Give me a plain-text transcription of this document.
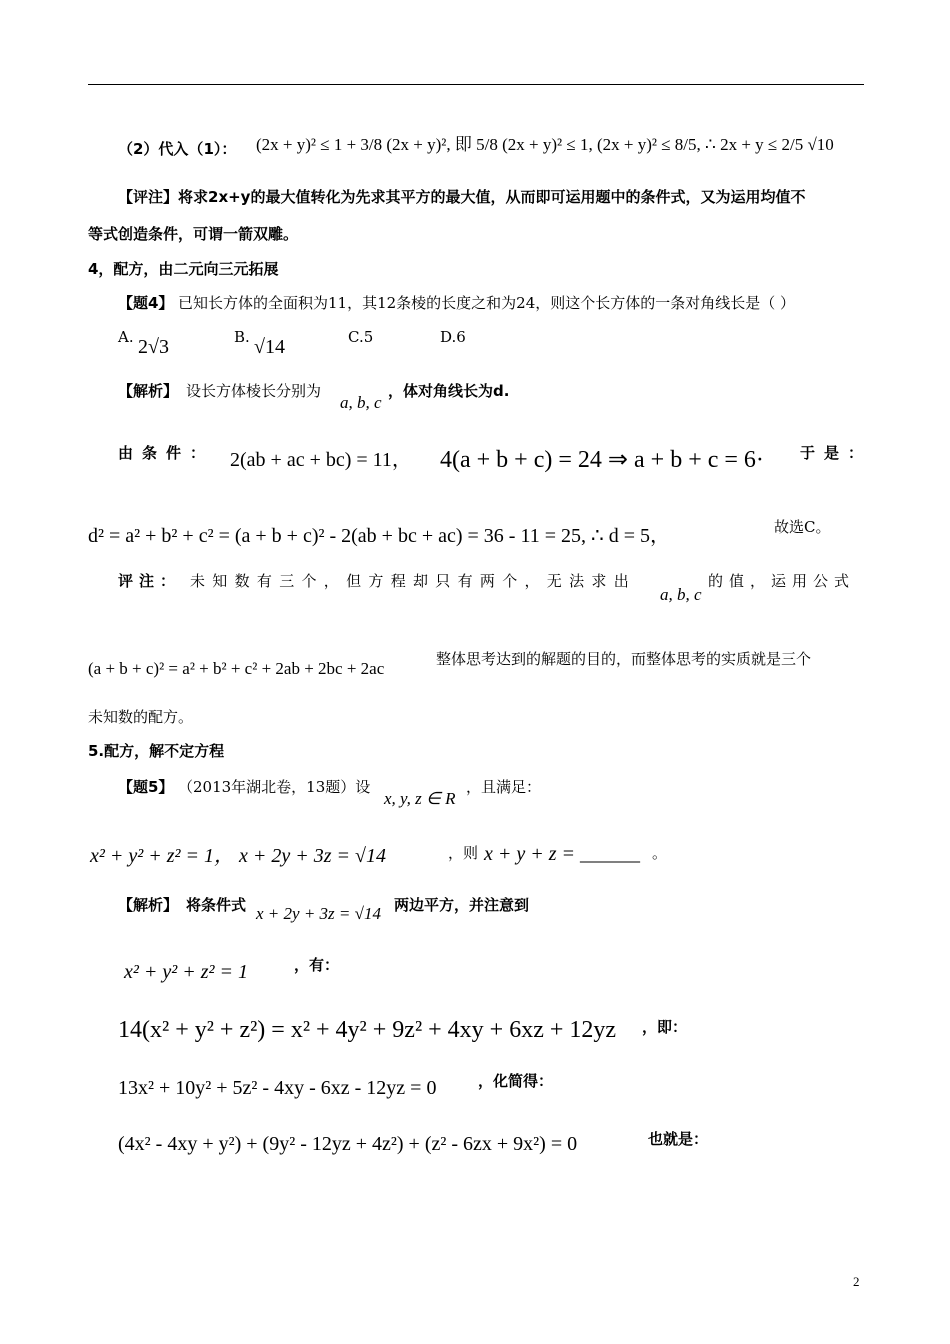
（2）代入（1）： (2x + y)² ≤ 1 + 3/8 (2x + y)², 即 5/8 (2x + y)² ≤ 1, (2x + y)² ≤ 8/5, ∴ 2x + y ≤ 2/5 √10
【评注】将求2x+y的最大值转化为先求其平方的最大值，从而即可运用题中的条件式，又为运用均值不
等式创造条件，可谓一箭双雕。
4，配方，由二元向三元拓展
【题4】 已知长方体的全面积为11，其12条棱的长度之和为24，则这个长方体的一条对角线长是（ ）
A. 2√3	B. √14	C.5	D.6
【解析】 设长方体棱长分别为
a, b, c
，体对角线长为d.
由条件： 2(ab + ac + bc) = 11， 4(a + b + c) = 24 ⇒ a + b + c = 6· 于是：
d² = a² + b² + c² = (a + b + c)² - 2(ab + bc + ac) = 36 - 11 = 25, ∴ d = 5，	故选C。
评注： 未知数有三个，但方程却只有两个，无法求出
a, b, c
的值，运用公式
(a + b + c)² = a² + b² + c² + 2ab + 2bc + 2ac	整体思考达到的解题的目的，而整体思考的实质就是三个
未知数的配方。
5.配方，解不定方程
【题5】 （2013年湖北卷，13题）设
x, y, z ∈ R
，且满足：
x² + y² + z² = 1， x + 2y + 3z = √14	，则 x + y + z = ______ 。
【解析】 将条件式 x + 2y + 3z = √14 两边平方，并注意到
x² + y² + z² = 1	，有：
14(x² + y² + z²) = x² + 4y² + 9z² + 4xy + 6xz + 12yz ，即：
13x² + 10y² + 5z² - 4xy - 6xz - 12yz = 0	，化简得：
(4x² - 4xy + y²) + (9y² - 12yz + 4z²) + (z² - 6zx + 9x²) = 0	也就是：
2
